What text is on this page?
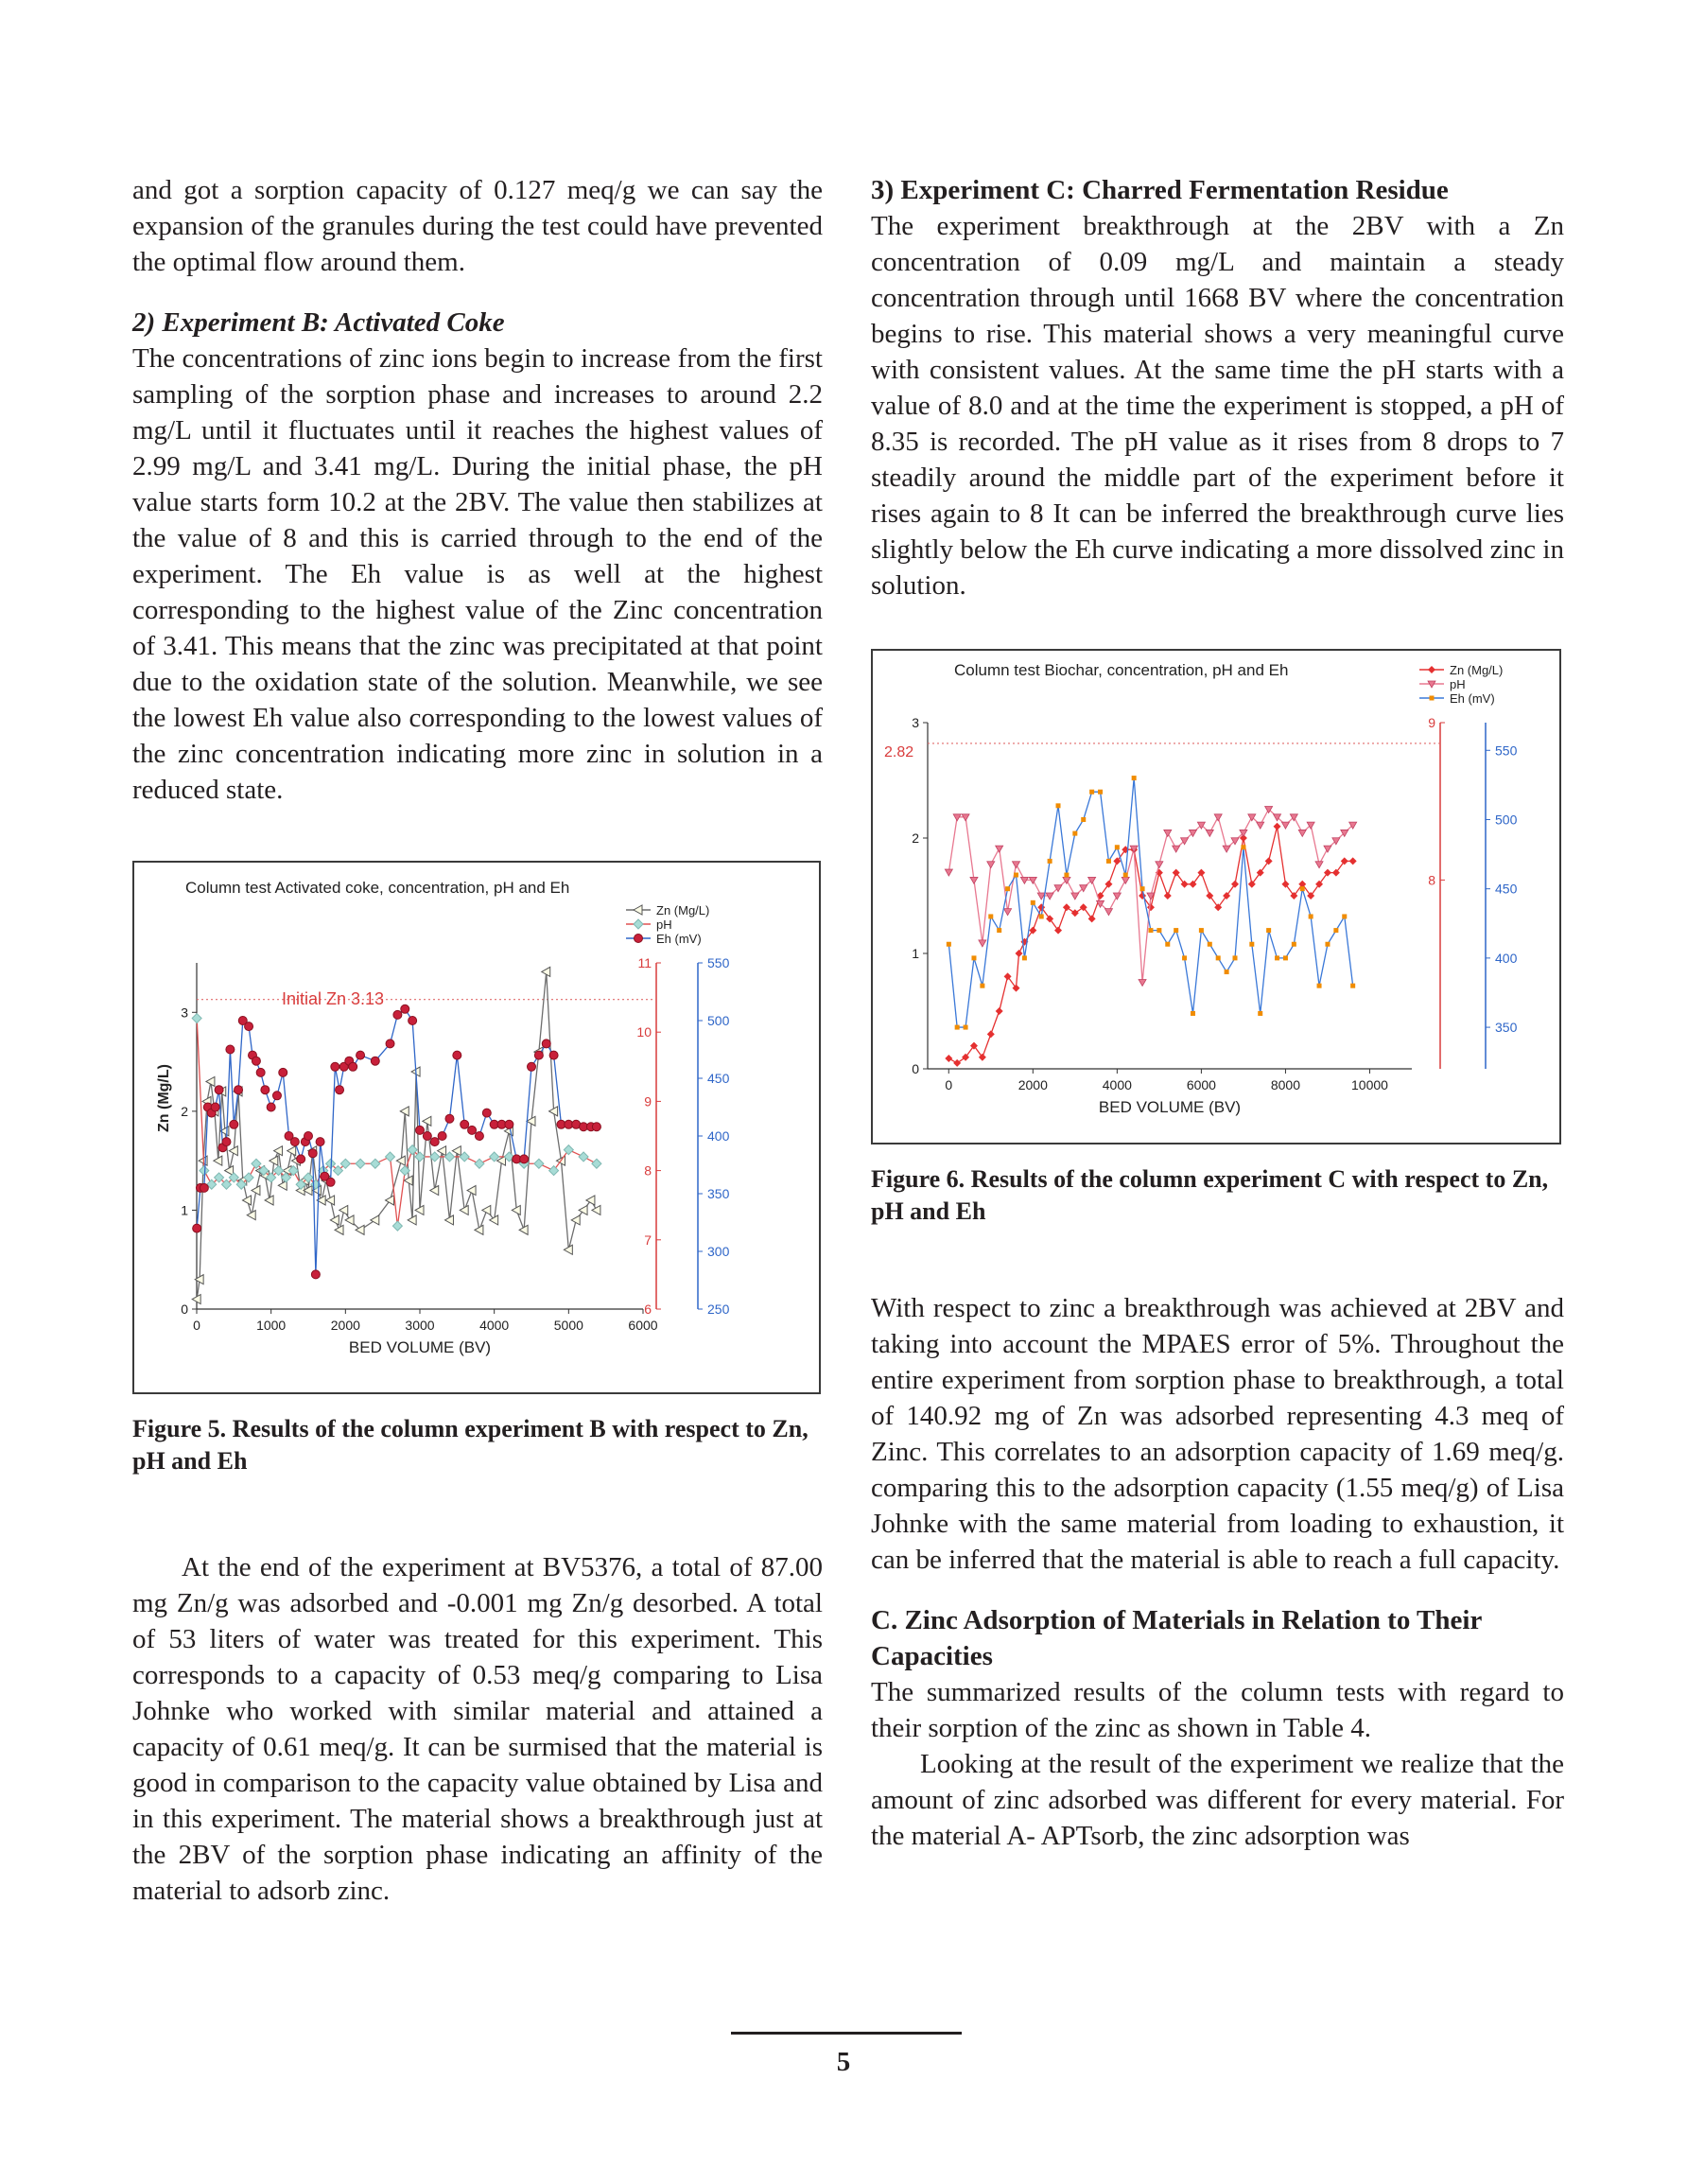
and got a sorption capacity of 0.127 meq/g we can say the expansion of the granules during the test could have prevented the optimal flow around them.

2) Experiment B: Activated Coke

The concentrations of zinc ions begin to increase from the first sampling of the sorption phase and increases to around 2.2 mg/L until it fluctuates until it reaches the highest values of 2.99 mg/L and 3.41 mg/L. During the initial phase, the pH value starts form 10.2 at the 2BV. The value then stabilizes at the value of 8 and this is carried through to the end of the experiment. The Eh value is as well at the highest corresponding to the highest value of the Zinc concentration of 3.41. This means that the zinc was precipitated at that point due to the oxidation state of the solution. Meanwhile, we see the lowest Eh value also corresponding to the lowest values of the zinc concentration indicating more zinc in solution in a reduced state.

Column test Activated coke, concentration, pH and Eh
0	1000	2000	3000	4000	5000	6000
BED VOLUME (BV)
0
1
2
3
Zn (Mg/L)
6
7
8
9
10
11
250
300
350
400
450
500
550
Initial Zn 3.13
Zn (Mg/L)
pH
Eh (mV)
Figure 5. Results of the column experiment B with respect to Zn, pH and Eh

At the end of the experiment at BV5376, a total of 87.00 mg Zn/g was adsorbed and -0.001 mg Zn/g desorbed. A total of 53 liters of water was treated for this experiment. This corresponds to a capacity of 0.53 meq/g comparing to Lisa Johnke who worked with similar material and attained a capacity of 0.61 meq/g. It can be surmised that the material is good in comparison to the capacity value obtained by Lisa and in this experiment. The material shows a breakthrough just at the 2BV of the sorption phase indicating an affinity of the material to adsorb zinc.

3) Experiment C: Charred Fermentation Residue

The experiment breakthrough at the 2BV with a Zn concentration of 0.09 mg/L and maintain a steady concentration through until 1668 BV where the concentration begins to rise. This material shows a very meaningful curve with consistent values. At the same time the pH starts with a value of 8.0 and at the time the experiment is stopped, a pH of 8.35 is recorded. The pH value as it rises from 8 drops to 7 steadily around the middle part of the experiment before it rises again to 8 It can be inferred the breakthrough curve lies slightly below the Eh curve indicating a more dissolved zinc in solution.

Column test Biochar, concentration, pH and Eh
0	2000	4000	6000	8000	10000
BED VOLUME (BV)
0
1
2
3
8
9
350
400
450
500
550
2.82
Zn (Mg/L)
pH
Eh (mV)
Figure 6. Results of the column experiment C with respect to Zn, pH and Eh

With respect to zinc a breakthrough was achieved at 2BV and taking into account the MPAES error of 5%. Throughout the entire experiment from sorption phase to breakthrough, a total of 140.92 mg of Zn was adsorbed representing 4.3 meq of Zinc. This correlates to an adsorption capacity of 1.69 meq/g. comparing this to the adsorption capacity (1.55 meq/g) of Lisa Johnke with the same material from loading to exhaustion, it can be inferred that the material is able to reach a full capacity.

C. Zinc Adsorption of Materials in Relation to Their Capacities

The summarized results of the column tests with regard to their sorption of the zinc as shown in Table 4.

Looking at the result of the experiment we realize that the amount of zinc adsorbed was different for every material. For the material A- APTsorb, the zinc adsorption was

5
